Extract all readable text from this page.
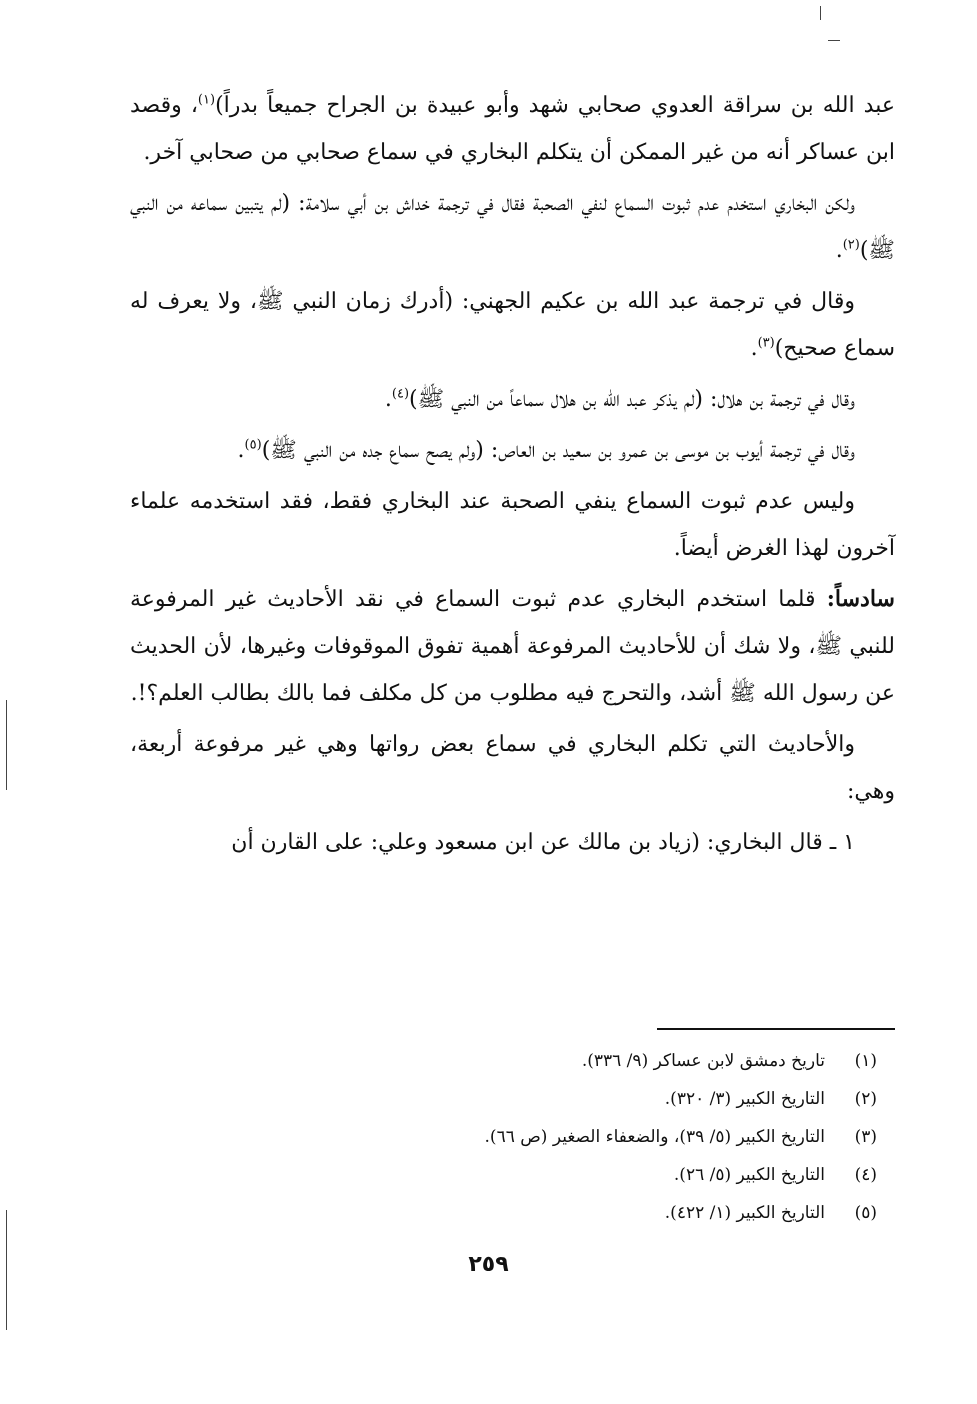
عبد الله بن سراقة العدوي صحابي شهد وأبو عبيدة بن الجراح جميعاً بدراً)$^{(١)}$، وقصد ابن عساكر أنه من غير الممكن أن يتكلم البخاري في سماع صحابي من صحابي آخر.

ولكن البخاري استخدم عدم ثبوت السماع لنفي الصحبة فقال في ترجمة خداش بن أبي سلامة: (لم يتبين سماعه من النبي ﷺ)$^{(٢)}$.

وقال في ترجمة عبد الله بن عكيم الجهني: (أدرك زمان النبي ﷺ، ولا يعرف له سماع صحيح)$^{(٣)}$.

وقال في ترجمة بن هلال: (لم يذكر عبد الله بن هلال سماعاً من النبي ﷺ)$^{(٤)}$.

وقال في ترجمة أيوب بن موسى بن عمرو بن سعيد بن العاص: (ولم يصح سماع جده من النبي ﷺ)$^{(٥)}$.

وليس عدم ثبوت السماع ينفي الصحبة عند البخاري فقط، فقد استخدمه علماء آخرون لهذا الغرض أيضاً.

سادساً: قلما استخدم البخاري عدم ثبوت السماع في نقد الأحاديث غير المرفوعة للنبي ﷺ، ولا شك أن للأحاديث المرفوعة أهمية تفوق الموقوفات وغيرها، لأن الحديث عن رسول الله ﷺ أشد، والتحرج فيه مطلوب من كل مكلف فما بالك بطالب العلم؟!.

والأحاديث التي تكلم البخاري في سماع بعض رواتها وهي غير مرفوعة أربعة، وهي:

١ ـ قال البخاري: (زياد بن مالك عن ابن مسعود وعلي: على القارن أن

(١)تاريخ دمشق لابن عساكر (٩/ ٣٣٦).
(٢)التاريخ الكبير (٣/ ٣٢٠).
(٣)التاريخ الكبير (٥/ ٣٩)، والضعفاء الصغير (ص ٦٦).
(٤)التاريخ الكبير (٥/ ٢٦).
(٥)التاريخ الكبير (١/ ٤٢٢).
٢٥٩
